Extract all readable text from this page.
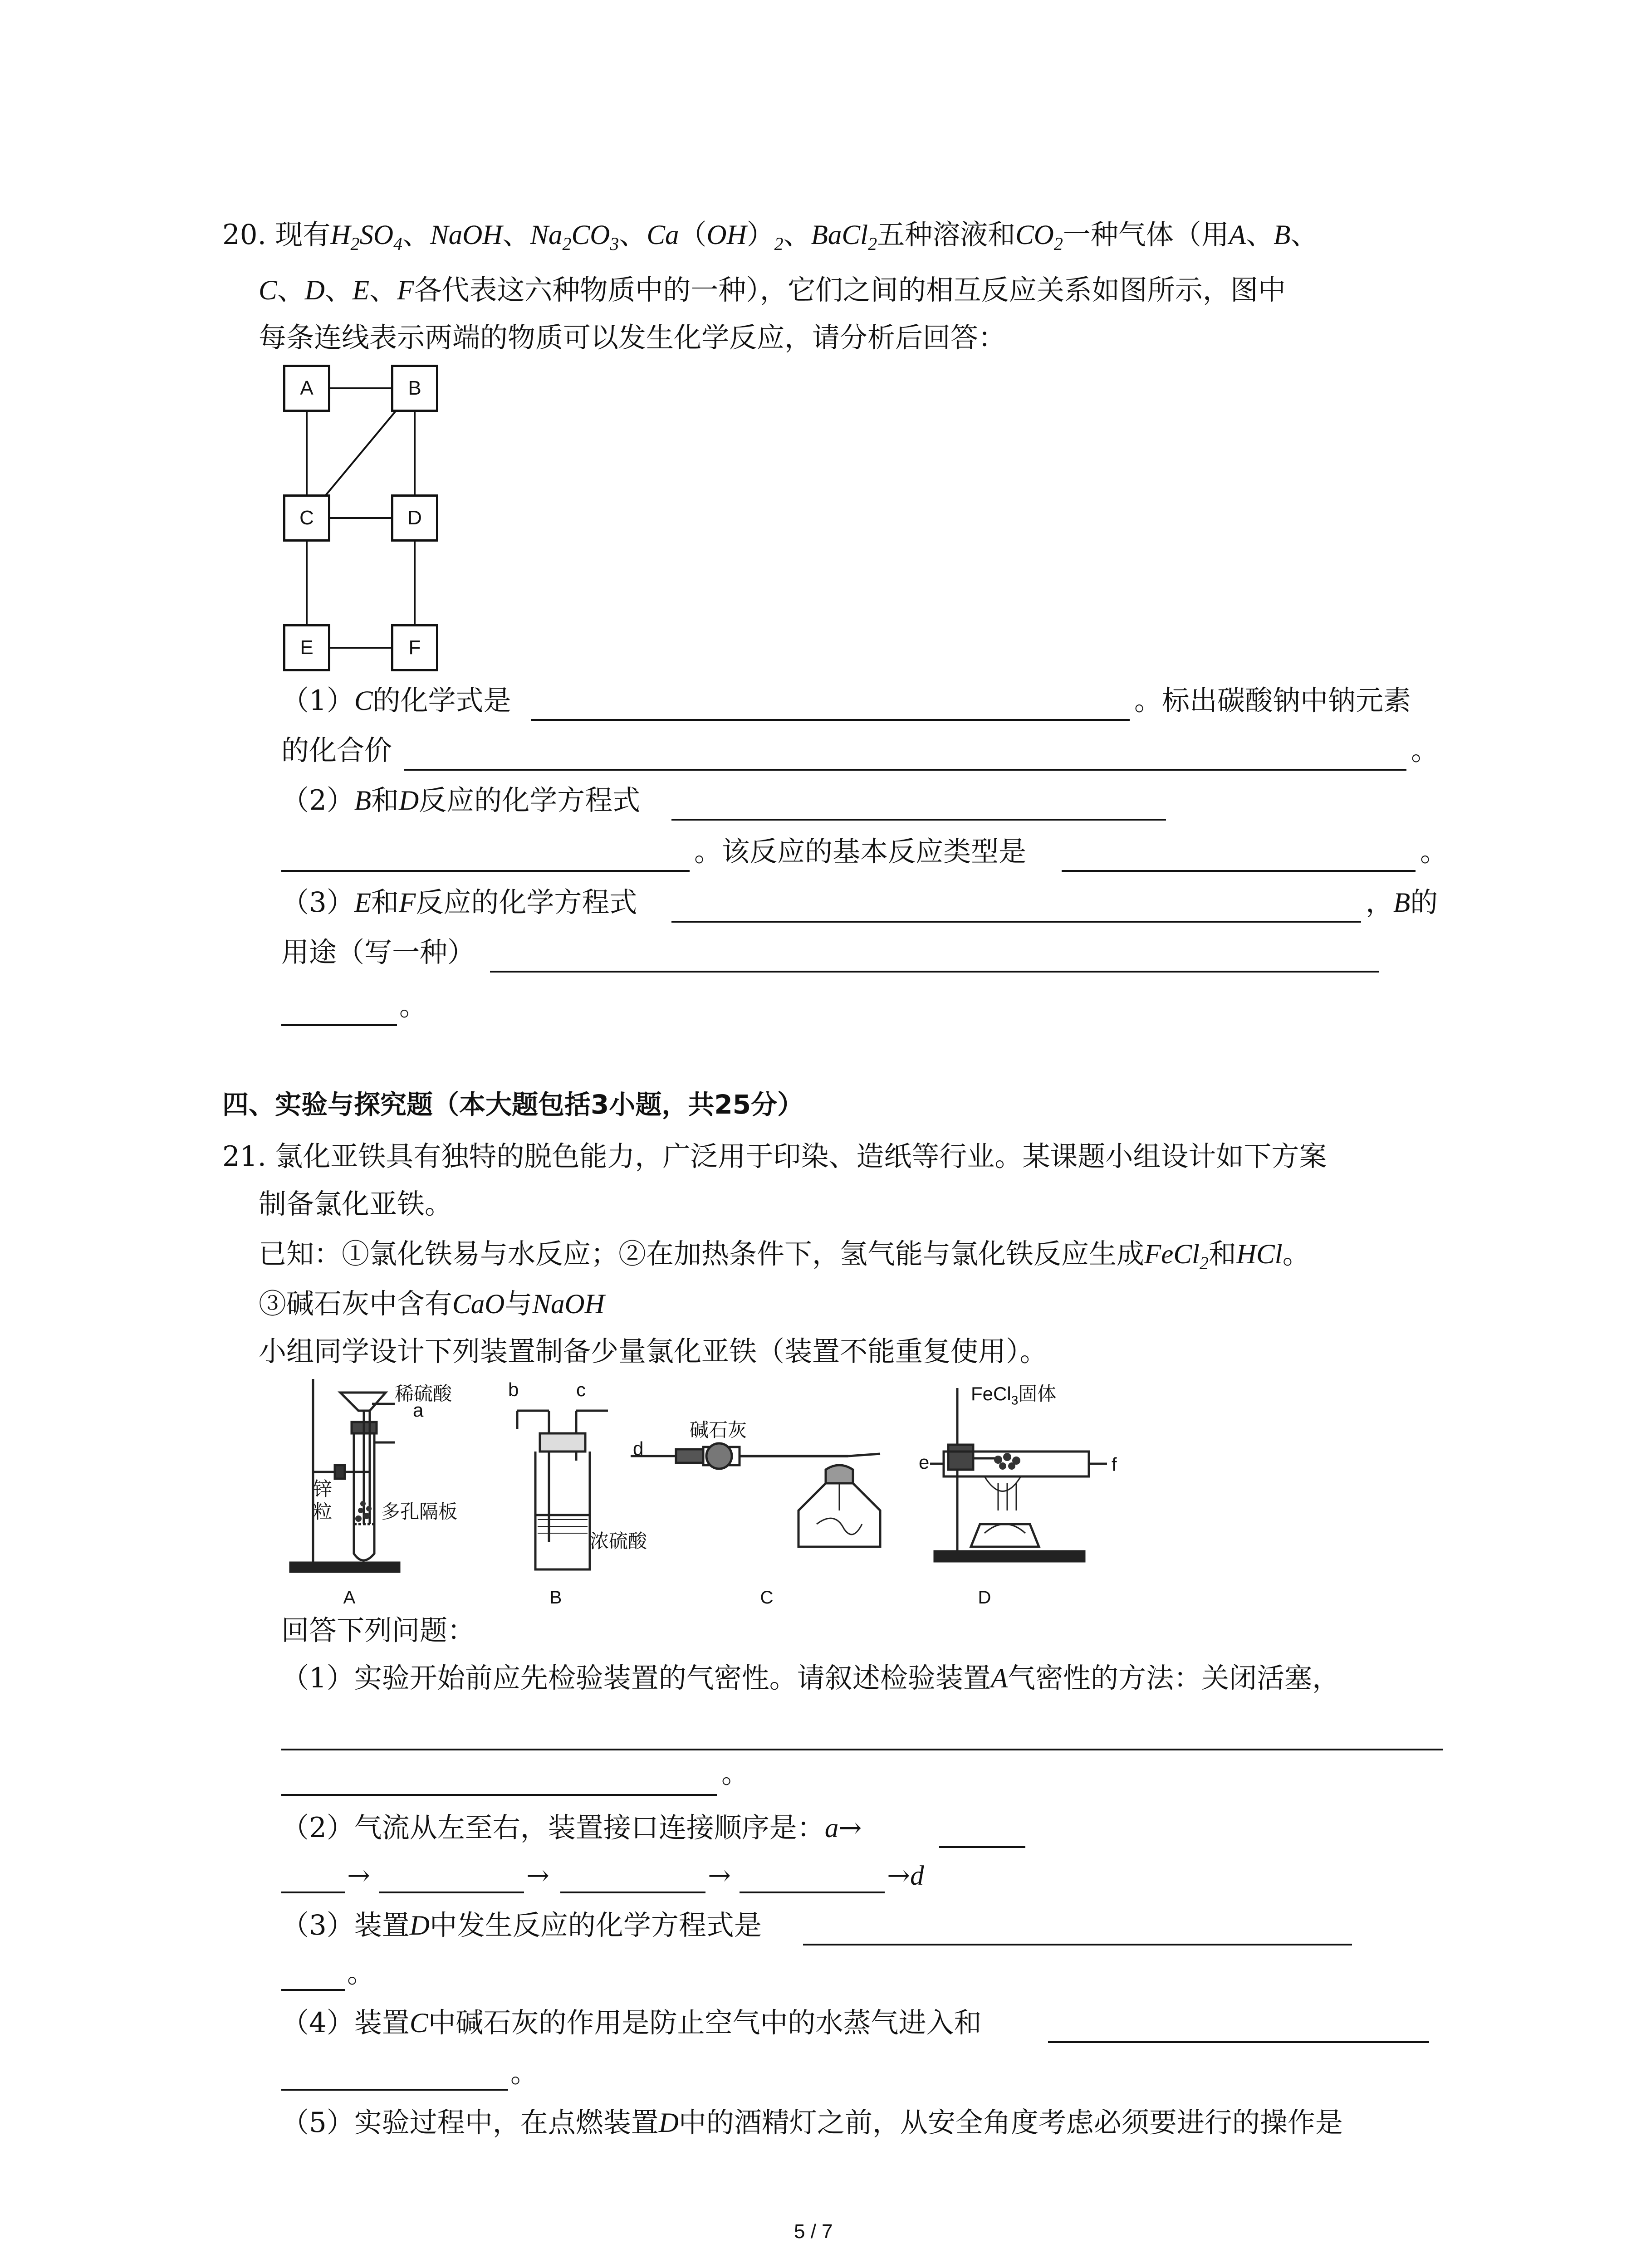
20. 现有$H_2SO_4$、NaOH、$Na_2CO_3$、$Ca(OH)_2$、BaCl$_2$五种溶液和$CO_2$一种气体（用A、B、
C、D、E、F各代表这六种物质中的一种），它们之间的相互反应关系如图所示，图中
每条连线表示两端的物质可以发生化学反应，请分析后回答：
A	B
C	D
E	F
（1）C的化学式是	。标出碳酸钠中钠元素
的化合价	。
（2）B和D反应的化学方程式
。该反应的基本反应类型是	。
（3）E和F反应的化学方程式	，B的
用途（写一种）
。
四、实验与探究题（本大题包括3小题，共25分）
21. 氯化亚铁具有独特的脱色能力，广泛用于印染、造纸等行业。某课题小组设计如下方案
制备氯化亚铁。
已知：①氯化铁易与水反应；②在加热条件下，氢气能与氯化铁反应生成FeCl$_2$和HCl。
③碱石灰中含有CaO与NaOH
小组同学设计下列装置制备少量氯化亚铁（装置不能重复使用）。
稀硫酸
a
锌
粒	多孔隔板
A
b	c
浓硫酸
B
d
碱石灰
C
FeCl$_3$固体
e	f
D
回答下列问题：
（1）实验开始前应先检验装置的气密性。请叙述检验装置A气密性的方法：关闭活塞，
。
（2）气流从左至右，装置接口连接顺序是：a→
→	→	→	→d
（3）装置D中发生反应的化学方程式是
。
（4）装置C中碱石灰的作用是防止空气中的水蒸气进入和
。
（5）实验过程中，在点燃装置D中的酒精灯之前，从安全角度考虑必须要进行的操作是
5 / 7
